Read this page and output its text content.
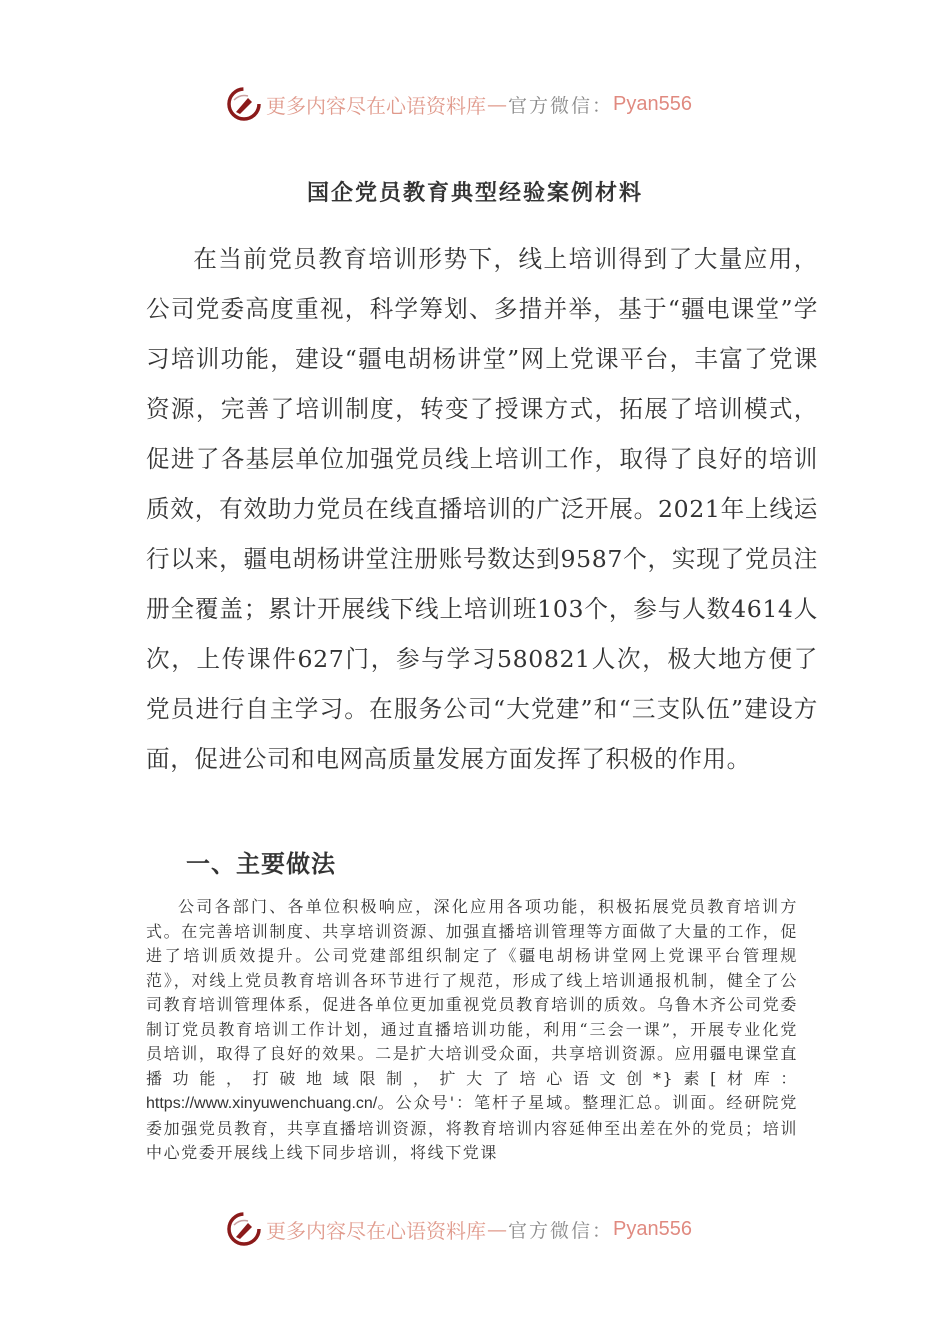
更多内容尽在心语资料库 — 官方微信： Pyan556
国企党员教育典型经验案例材料

在当前党员教育培训形势下，线上培训得到了大量应用，公司党委高度重视，科学筹划、多措并举，基于“疆电课堂”学习培训功能，建设“疆电胡杨讲堂”网上党课平台，丰富了党课资源，完善了培训制度，转变了授课方式，拓展了培训模式，促进了各基层单位加强党员线上培训工作，取得了良好的培训质效，有效助力党员在线直播培训的广泛开展。2021年上线运行以来，疆电胡杨讲堂注册账号数达到9587个，实现了党员注册全覆盖；累计开展线下线上培训班103个，参与人数4614人次，上传课件627门，参与学习580821人次，极大地方便了党员进行自主学习。在服务公司“大党建”和“三支队伍”建设方面，促进公司和电网高质量发展方面发挥了积极的作用。

一、主要做法

公司各部门、各单位积极响应，深化应用各项功能，积极拓展党员教育培训方式。在完善培训制度、共享培训资源、加强直播培训管理等方面做了大量的工作，促进了培训质效提升。公司党建部组织制定了《疆电胡杨讲堂网上党课平台管理规范》，对线上党员教育培训各环节进行了规范，形成了线上培训通报机制，健全了公司教育培训管理体系，促进各单位更加重视党员教育培训的质效。乌鲁木齐公司党委制订党员教育培训工作计划，通过直播培训功能，利用“三会一课”，开展专业化党员培训，取得了良好的效果。二是扩大培训受众面，共享培训资源。应用疆电课堂直播功能，打破地域限制，扩大了培心语文创*}素[材库：https://www.xinyuwenchuang.cn/。公众号'：笔杆子星域。整理汇总。训面。经研院党委加强党员教育，共享直播培训资源，将教育培训内容延伸至出差在外的党员；培训中心党委开展线上线下同步培训，将线下党课

更多内容尽在心语资料库 — 官方微信： Pyan556
